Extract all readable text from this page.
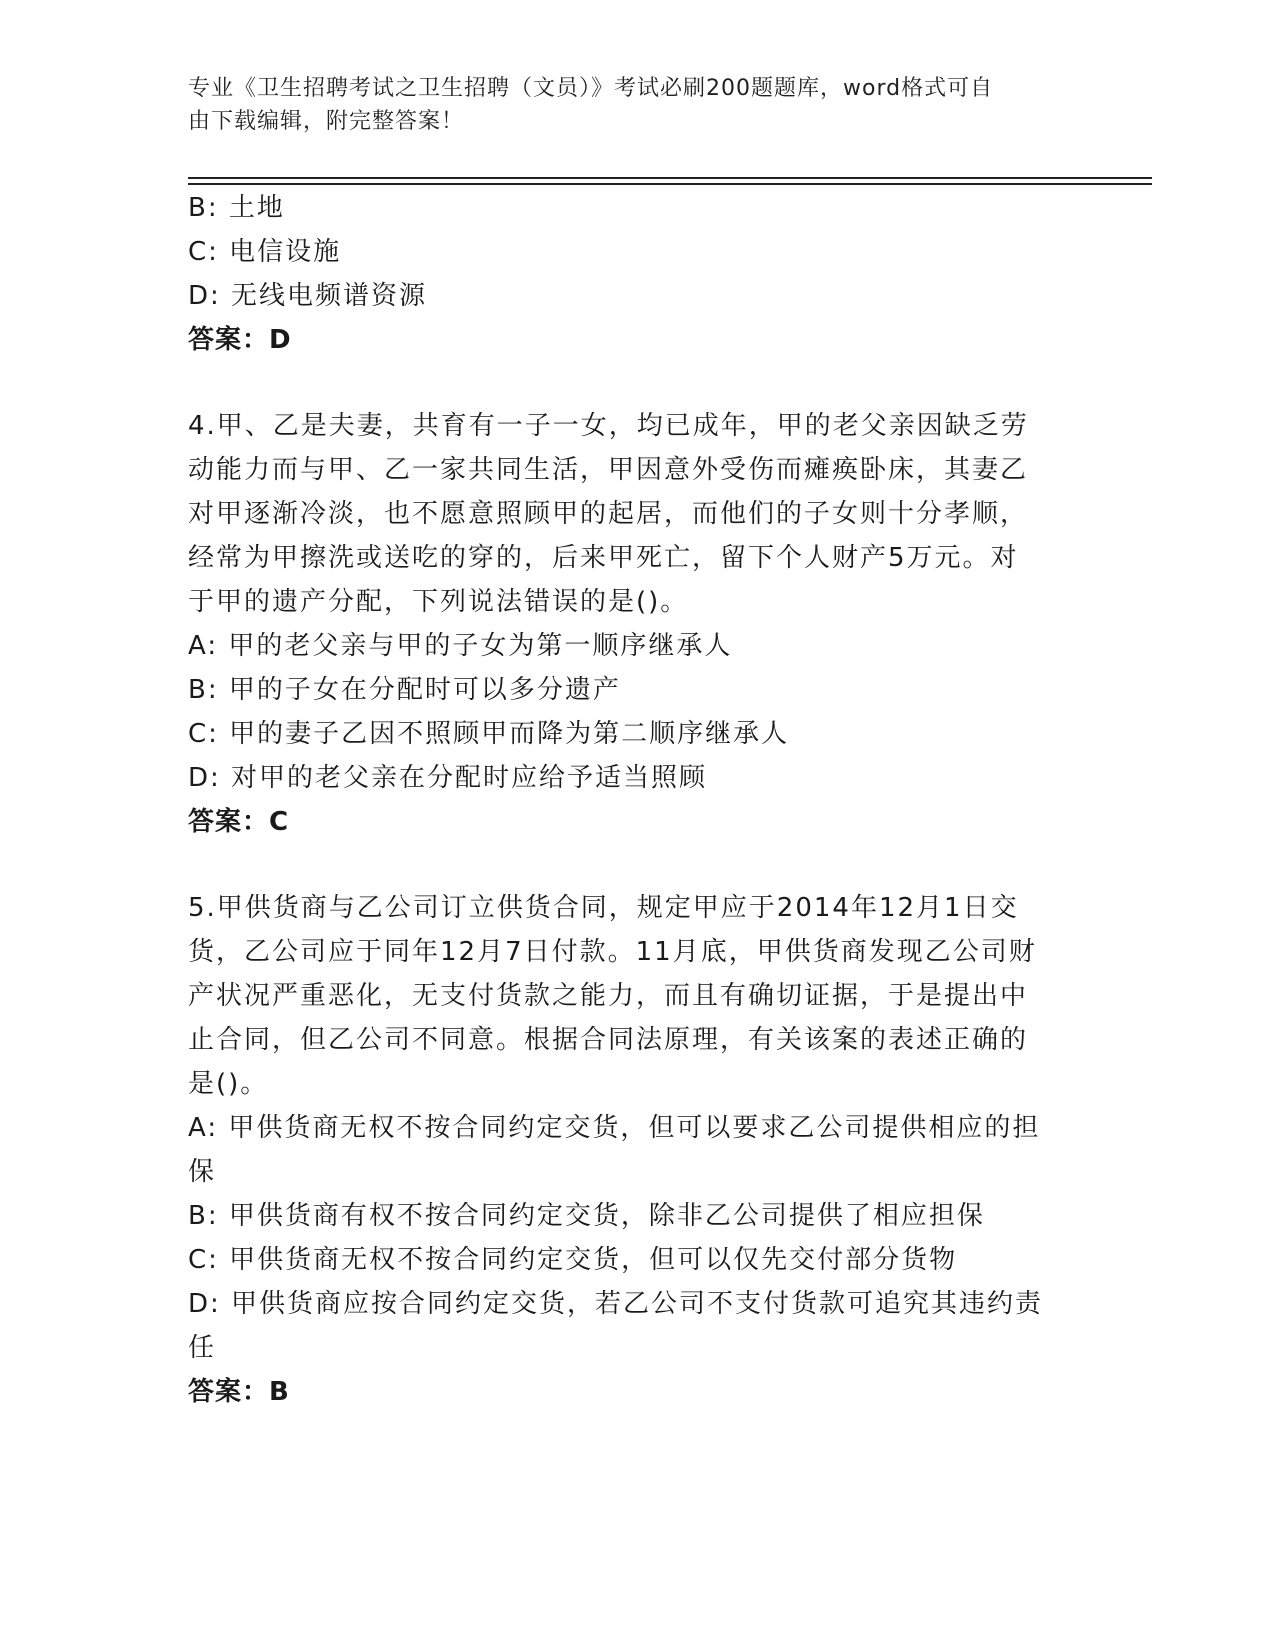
专业《卫生招聘考试之卫生招聘（文员）》考试必刷200题题库，word格式可自
由下载编辑，附完整答案！
B: 土地
C: 电信设施
D: 无线电频谱资源
答案：D
4.甲、乙是夫妻，共育有一子一女，均已成年，甲的老父亲因缺乏劳
动能力而与甲、乙一家共同生活，甲因意外受伤而瘫痪卧床，其妻乙
对甲逐渐冷淡，也不愿意照顾甲的起居，而他们的子女则十分孝顺，
经常为甲擦洗或送吃的穿的，后来甲死亡，留下个人财产5万元。对
于甲的遗产分配，下列说法错误的是()。
A: 甲的老父亲与甲的子女为第一顺序继承人
B: 甲的子女在分配时可以多分遗产
C: 甲的妻子乙因不照顾甲而降为第二顺序继承人
D: 对甲的老父亲在分配时应给予适当照顾
答案：C
5.甲供货商与乙公司订立供货合同，规定甲应于2014年12月1日交
货，乙公司应于同年12月7日付款。11月底，甲供货商发现乙公司财
产状况严重恶化，无支付货款之能力，而且有确切证据，于是提出中
止合同，但乙公司不同意。根据合同法原理，有关该案的表述正确的
是()。
A: 甲供货商无权不按合同约定交货，但可以要求乙公司提供相应的担
保
B: 甲供货商有权不按合同约定交货，除非乙公司提供了相应担保
C: 甲供货商无权不按合同约定交货，但可以仅先交付部分货物
D: 甲供货商应按合同约定交货，若乙公司不支付货款可追究其违约责
任
答案：B
